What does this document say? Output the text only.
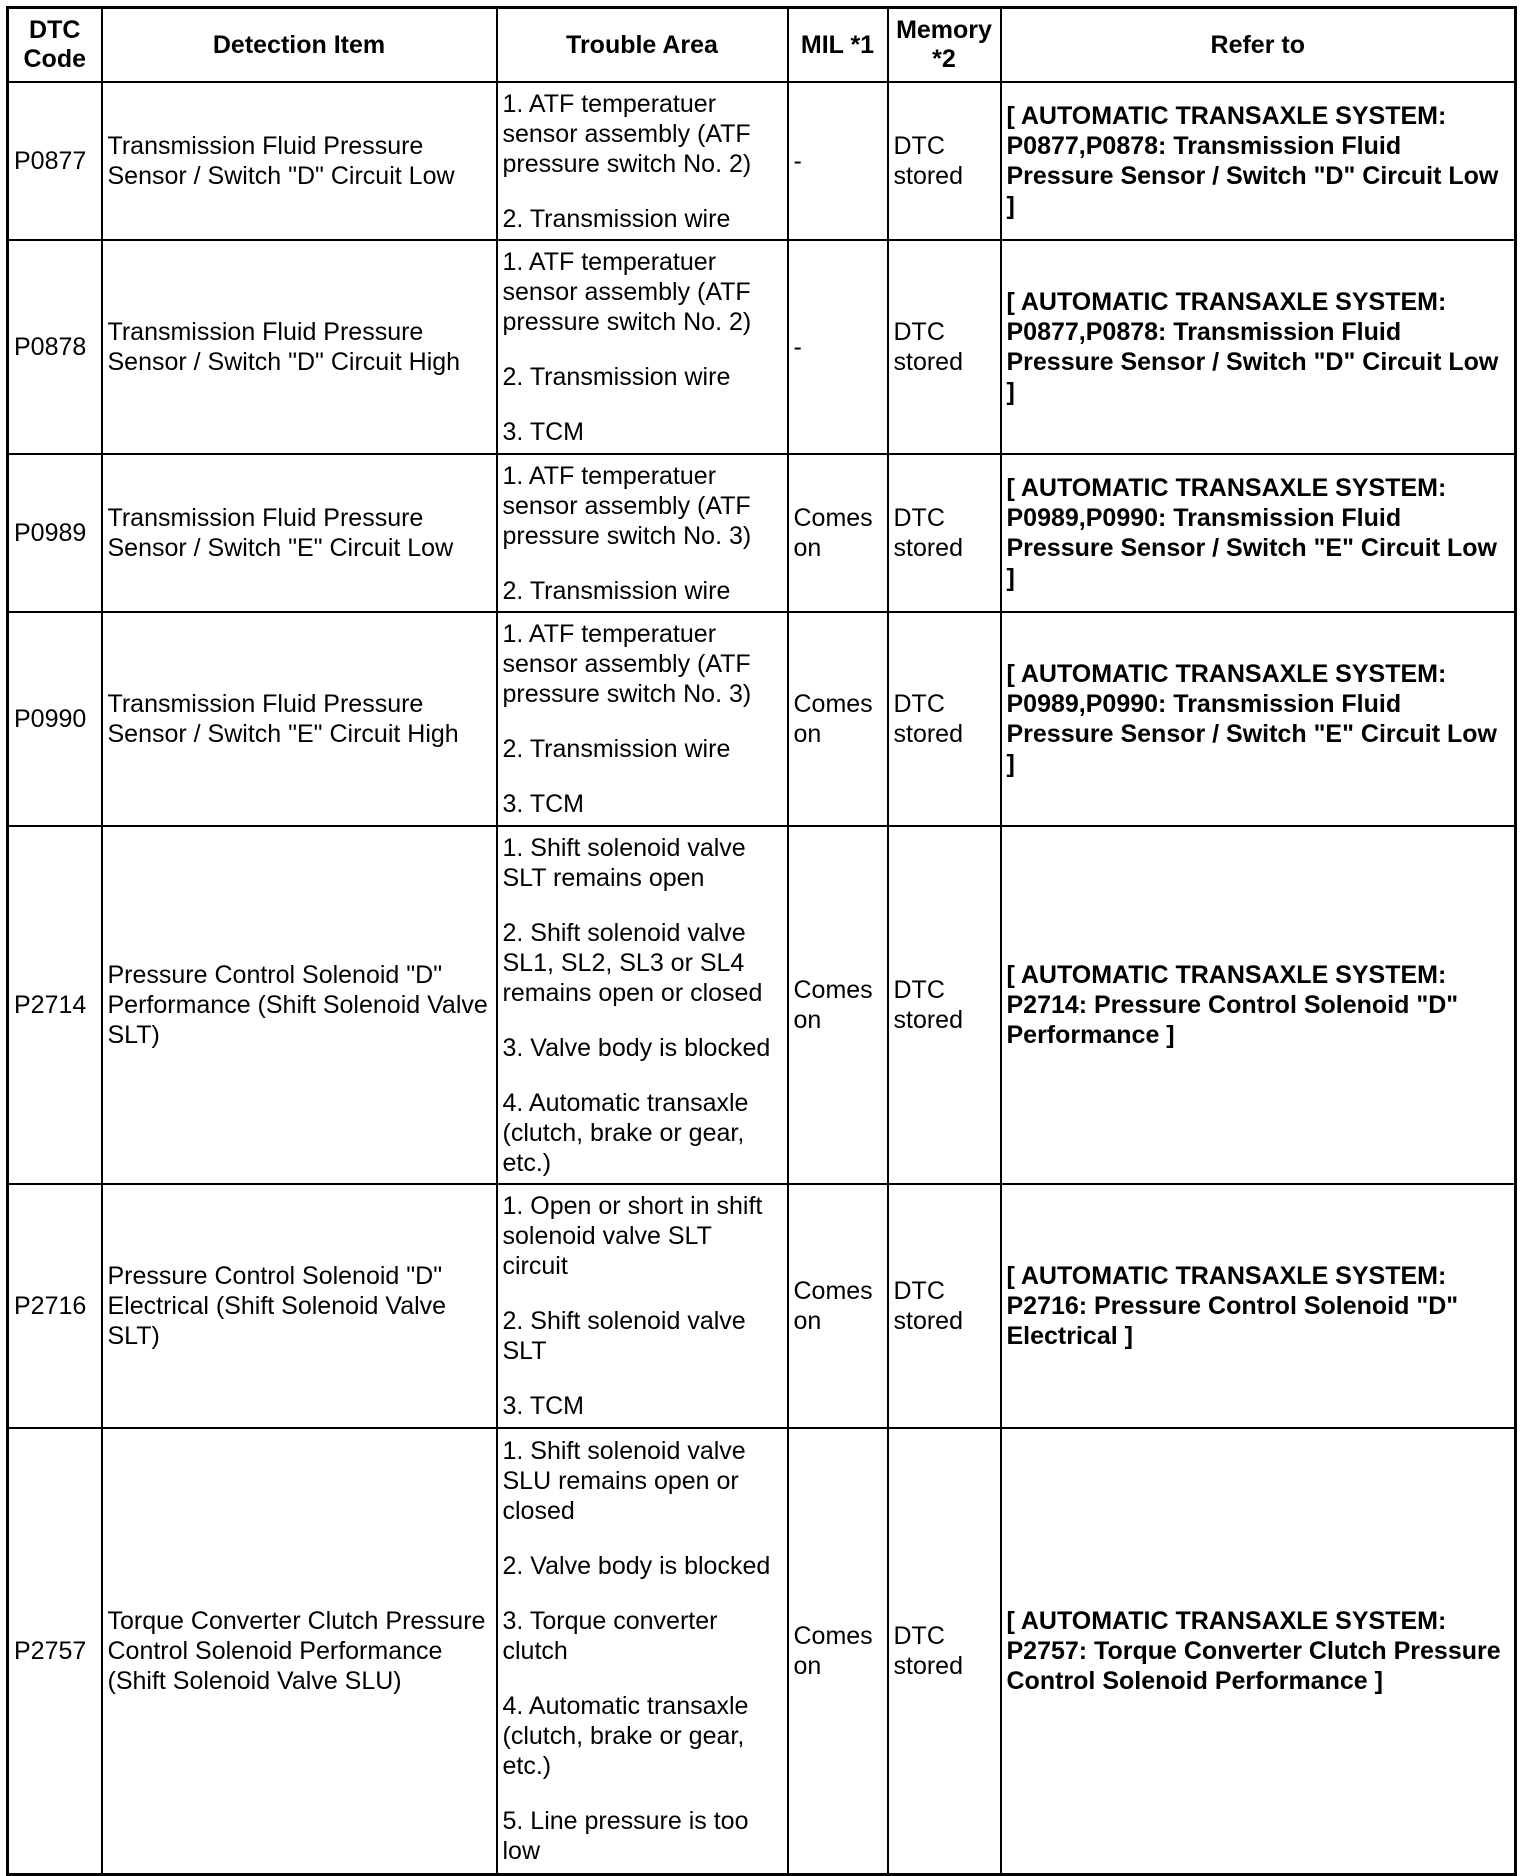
DTC Code	Detection Item	Trouble Area	MIL *1	Memory *2	Refer to
P0877	Transmission Fluid Pressure Sensor / Switch "D" Circuit Low	1. ATF temperatuer sensor assembly (ATF pressure switch No. 2)

2. Transmission wire	-	DTC stored	[ AUTOMATIC TRANSAXLE SYSTEM: P0877,P0878: Transmission Fluid Pressure Sensor / Switch "D" Circuit Low ]
P0878	Transmission Fluid Pressure Sensor / Switch "D" Circuit High	1. ATF temperatuer sensor assembly (ATF pressure switch No. 2)

2. Transmission wire

3. TCM	-	DTC stored	[ AUTOMATIC TRANSAXLE SYSTEM: P0877,P0878: Transmission Fluid Pressure Sensor / Switch "D" Circuit Low ]
P0989	Transmission Fluid Pressure Sensor / Switch "E" Circuit Low	1. ATF temperatuer sensor assembly (ATF pressure switch No. 3)

2. Transmission wire	Comes on	DTC stored	[ AUTOMATIC TRANSAXLE SYSTEM: P0989,P0990: Transmission Fluid Pressure Sensor / Switch "E" Circuit Low ]
P0990	Transmission Fluid Pressure Sensor / Switch "E" Circuit High	1. ATF temperatuer sensor assembly (ATF pressure switch No. 3)

2. Transmission wire

3. TCM	Comes on	DTC stored	[ AUTOMATIC TRANSAXLE SYSTEM: P0989,P0990: Transmission Fluid Pressure Sensor / Switch "E" Circuit Low ]
P2714	Pressure Control Solenoid "D" Performance (Shift Solenoid Valve SLT)	1. Shift solenoid valve SLT remains open

2. Shift solenoid valve SL1, SL2, SL3 or SL4 remains open or closed

3. Valve body is blocked

4. Automatic transaxle (clutch, brake or gear, etc.)	Comes on	DTC stored	[ AUTOMATIC TRANSAXLE SYSTEM: P2714: Pressure Control Solenoid "D" Performance ]
P2716	Pressure Control Solenoid "D" Electrical (Shift Solenoid Valve SLT)	1. Open or short in shift solenoid valve SLT circuit

2. Shift solenoid valve SLT

3. TCM	Comes on	DTC stored	[ AUTOMATIC TRANSAXLE SYSTEM: P2716: Pressure Control Solenoid "D" Electrical ]
P2757	Torque Converter Clutch Pressure Control Solenoid Performance (Shift Solenoid Valve SLU)	1. Shift solenoid valve SLU remains open or closed

2. Valve body is blocked

3. Torque converter clutch

4. Automatic transaxle (clutch, brake or gear, etc.)

5. Line pressure is too low	Comes on	DTC stored	[ AUTOMATIC TRANSAXLE SYSTEM: P2757: Torque Converter Clutch Pressure Control Solenoid Performance ]
